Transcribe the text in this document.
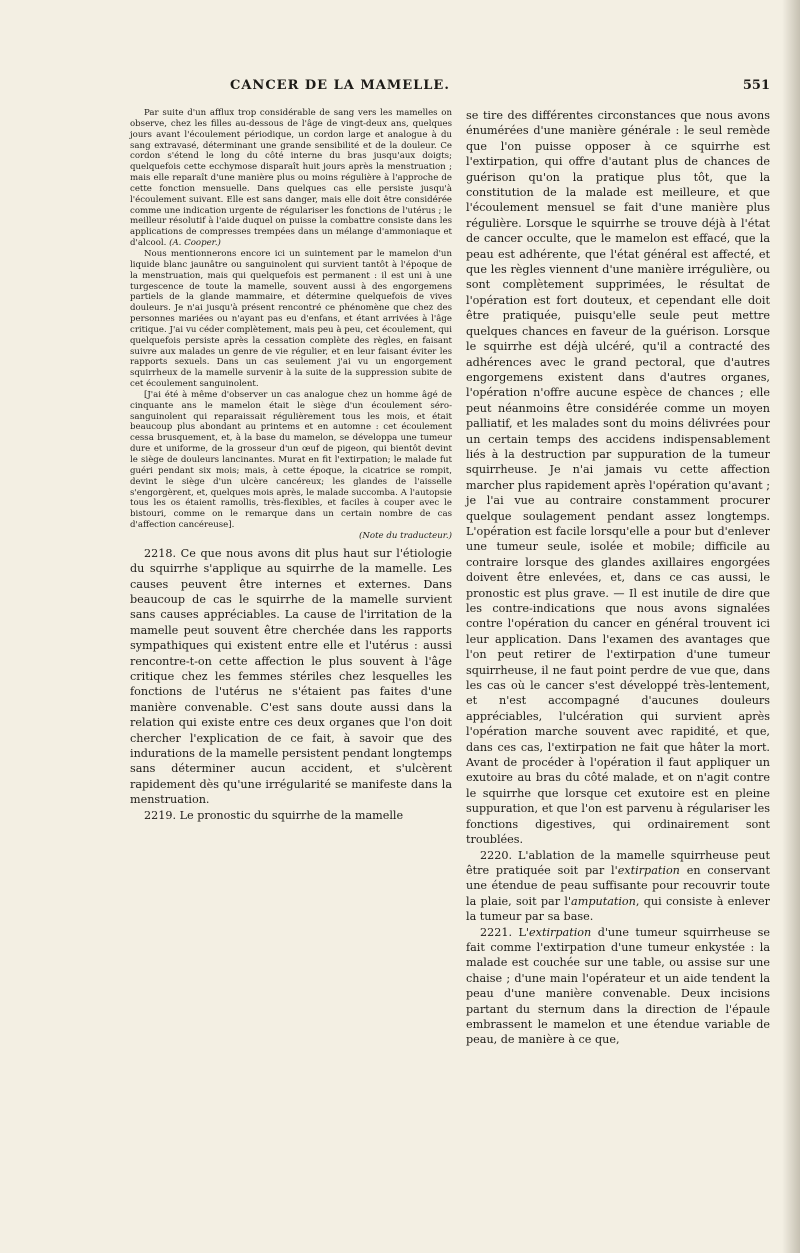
CANCER DE LA MAMELLE.	551

Par suite d'un afflux trop considérable de sang vers les mamelles on observe, chez les filles au-dessous de l'âge de vingt-deux ans, quelques jours avant l'écoulement périodique, un cordon large et analogue à du sang extravasé, déterminant une grande sensibilité et de la douleur. Ce cordon s'étend le long du côté interne du bras jusqu'aux doigts; quelquefois cette ecchymose disparaît huit jours après la menstruation ; mais elle reparaît d'une manière plus ou moins régulière à l'approche de cette fonction mensuelle. Dans quelques cas elle persiste jusqu'à l'écoulement suivant. Elle est sans danger, mais elle doit être considérée comme une indication urgente de régulariser les fonctions de l'utérus ; le meilleur résolutif à l'aide duquel on puisse la combattre consiste dans les applications de compresses trempées dans un mélange d'ammoniaque et d'alcool. (A. Cooper.)

Nous mentionnerons encore ici un suintement par le mamelon d'un liquide blanc jaunâtre ou sanguinolent qui survient tantôt à l'époque de la menstruation, mais qui quelquefois est permanent : il est uni à une turgescence de toute la mamelle, souvent aussi à des engorgemens partiels de la glande mammaire, et détermine quelquefois de vives douleurs. Je n'ai jusqu'à présent rencontré ce phénomène que chez des personnes mariées ou n'ayant pas eu d'enfans, et étant arrivées à l'âge critique. J'ai vu céder complètement, mais peu à peu, cet écoulement, qui quelquefois persiste après la cessation complète des règles, en faisant suivre aux malades un genre de vie régulier, et en leur faisant éviter les rapports sexuels. Dans un cas seulement j'ai vu un engorgement squirrheux de la mamelle survenir à la suite de la suppression subite de cet écoulement sanguinolent.

[J'ai été à même d'observer un cas analogue chez un homme âgé de cinquante ans le mamelon était le siège d'un écoulement séro-sanguinolent qui reparaissait régulièrement tous les mois, et était beaucoup plus abondant au printems et en automne : cet écoulement cessa brusquement, et, à la base du mamelon, se développa une tumeur dure et uniforme, de la grosseur d'un œuf de pigeon, qui bientôt devint le siège de douleurs lancinantes. Murat en fit l'extirpation; le malade fut guéri pendant six mois; mais, à cette époque, la cicatrice se rompit, devint le siège d'un ulcère cancéreux; les glandes de l'aisselle s'engorgèrent, et, quelques mois après, le malade succomba. A l'autopsie tous les os étaient ramollis, très-flexibles, et faciles à couper avec le bistouri, comme on le remarque dans un certain nombre de cas d'affection cancéreuse].

(Note du traducteur.)

2218. Ce que nous avons dit plus haut sur l'étiologie du squirrhe s'applique au squirrhe de la mamelle. Les causes peuvent être internes et externes. Dans beaucoup de cas le squirrhe de la mamelle survient sans causes appréciables. La cause de l'irritation de la mamelle peut souvent être cherchée dans les rapports sympathiques qui existent entre elle et l'utérus : aussi rencontre-t-on cette affection le plus souvent à l'âge critique chez les femmes stériles chez lesquelles les fonctions de l'utérus ne s'étaient pas faites d'une manière convenable. C'est sans doute aussi dans la relation qui existe entre ces deux organes que l'on doit chercher l'explication de ce fait, à savoir que des indurations de la mamelle persistent pendant longtemps sans déterminer aucun accident, et s'ulcèrent rapidement dès qu'une irrégularité se manifeste dans la menstruation.

2219. Le pronostic du squirrhe de la mamelle

se tire des différentes circonstances que nous avons énumérées d'une manière générale : le seul remède que l'on puisse opposer à ce squirrhe est l'extirpation, qui offre d'autant plus de chances de guérison qu'on la pratique plus tôt, que la constitution de la malade est meilleure, et que l'écoulement mensuel se fait d'une manière plus régulière. Lorsque le squirrhe se trouve déjà à l'état de cancer occulte, que le mamelon est effacé, que la peau est adhérente, que l'état général est affecté, et que les règles viennent d'une manière irrégulière, ou sont complètement supprimées, le résultat de l'opération est fort douteux, et cependant elle doit être pratiquée, puisqu'elle seule peut mettre quelques chances en faveur de la guérison. Lorsque le squirrhe est déjà ulcéré, qu'il a contracté des adhérences avec le grand pectoral, que d'autres engorgemens existent dans d'autres organes, l'opération n'offre aucune espèce de chances ; elle peut néanmoins être considérée comme un moyen palliatif, et les malades sont du moins délivrées pour un certain temps des accidens indispensablement liés à la destruction par suppuration de la tumeur squirrheuse. Je n'ai jamais vu cette affection marcher plus rapidement après l'opération qu'avant ; je l'ai vue au contraire constamment procurer quelque soulagement pendant assez longtemps. L'opération est facile lorsqu'elle a pour but d'enlever une tumeur seule, isolée et mobile; difficile au contraire lorsque des glandes axillaires engorgées doivent être enlevées, et, dans ce cas aussi, le pronostic est plus grave. — Il est inutile de dire que les contre-indications que nous avons signalées contre l'opération du cancer en général trouvent ici leur application. Dans l'examen des avantages que l'on peut retirer de l'extirpation d'une tumeur squirrheuse, il ne faut point perdre de vue que, dans les cas où le cancer s'est développé très-lentement, et n'est accompagné d'aucunes douleurs appréciables, l'ulcération qui survient après l'opération marche souvent avec rapidité, et que, dans ces cas, l'extirpation ne fait que hâter la mort. Avant de procéder à l'opération il faut appliquer un exutoire au bras du côté malade, et on n'agit contre le squirrhe que lorsque cet exutoire est en pleine suppuration, et que l'on est parvenu à régulariser les fonctions digestives, qui ordinairement sont troublées.

2220. L'ablation de la mamelle squirrheuse peut être pratiquée soit par l'extirpation en conservant une étendue de peau suffisante pour recouvrir toute la plaie, soit par l'amputation, qui consiste à enlever la tumeur par sa base.

2221. L'extirpation d'une tumeur squirrheuse se fait comme l'extirpation d'une tumeur enkystée : la malade est couchée sur une table, ou assise sur une chaise ; d'une main l'opérateur et un aide tendent la peau d'une manière convenable. Deux incisions partant du sternum dans la direction de l'épaule embrassent le mamelon et une étendue variable de peau, de manière à ce que,
